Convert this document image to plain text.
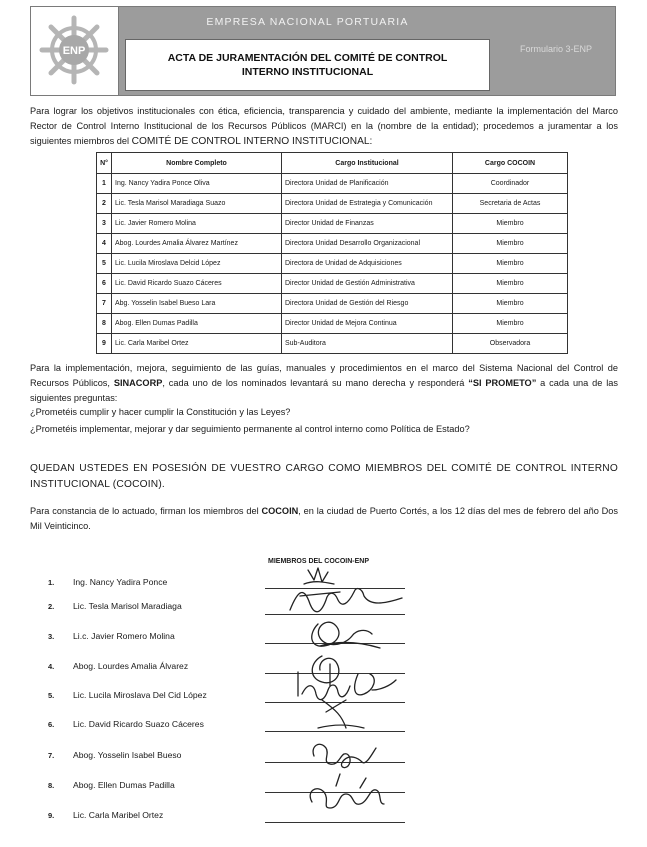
ENP
EMPRESA NACIONAL PORTUARIA
ACTA DE JURAMENTACIÓN DEL COMITÉ DE CONTROL INTERNO INSTITUCIONAL
Formulario 3-ENP
Para lograr los objetivos institucionales con ética, eficiencia, transparencia y cuidado del ambiente, mediante la implementación del Marco Rector de Control Interno Institucional de los Recursos Públicos (MARCI) en la (nombre de la entidad); procedemos a juramentar a los siguientes miembros del COMITÉ DE CONTROL INTERNO INSTITUCIONAL:
N°	Nombre Completo	Cargo Institucional	Cargo COCOIN
1	Ing. Nancy Yadira Ponce Oliva	Directora Unidad de Planificación	Coordinador
2	Lic. Tesla Marisol Maradiaga Suazo	Directora Unidad de Estrategia y Comunicación	Secretaria de Actas
3	Lic. Javier Romero Molina	Director Unidad de Finanzas	Miembro
4	Abog. Lourdes Amalia Álvarez Martínez	Directora Unidad Desarrollo Organizacional	Miembro
5	Lic. Lucila Miroslava Delcid López	Directora de Unidad de Adquisiciones	Miembro
6	Lic. David Ricardo Suazo Cáceres	Director Unidad de Gestión Administrativa	Miembro
7	Abg. Yosselin Isabel Bueso Lara	Directora Unidad de Gestión del Riesgo	Miembro
8	Abog. Ellen Dumas Padilla	Director Unidad de Mejora Continua	Miembro
9	Lic. Carla Maribel Ortez	Sub-Auditora	Observadora
Para la implementación, mejora, seguimiento de las guías, manuales y procedimientos en el marco del Sistema Nacional del Control de Recursos Públicos, SINACORP, cada uno de los nominados levantará su mano derecha y responderá “SI PROMETO” a cada una de las siguientes preguntas:
¿Prometéis cumplir y hacer cumplir la Constitución y las Leyes?
¿Prometéis implementar, mejorar y dar seguimiento permanente al control interno como Política de Estado?
QUEDAN USTEDES EN POSESIÓN DE VUESTRO CARGO COMO MIEMBROS DEL COMITÉ DE CONTROL INTERNO INSTITUCIONAL (COCOIN).
Para constancia de lo actuado, firman los miembros del COCOIN, en la ciudad de Puerto Cortés, a los 12 días del mes de febrero del año Dos Mil Veinticinco.
MIEMBROS DEL COCOIN-ENP
1. Ing. Nancy Yadira Ponce
2. Lic. Tesla Marisol Maradiaga
3. Li.c. Javier Romero Molina
4. Abog. Lourdes Amalia Álvarez
5. Lic. Lucila Miroslava Del Cid López
6. Lic. David Ricardo Suazo Cáceres
7. Abog. Yosselin Isabel Bueso
8. Abog. Ellen Dumas Padilla
9. Lic. Carla Maribel Ortez
